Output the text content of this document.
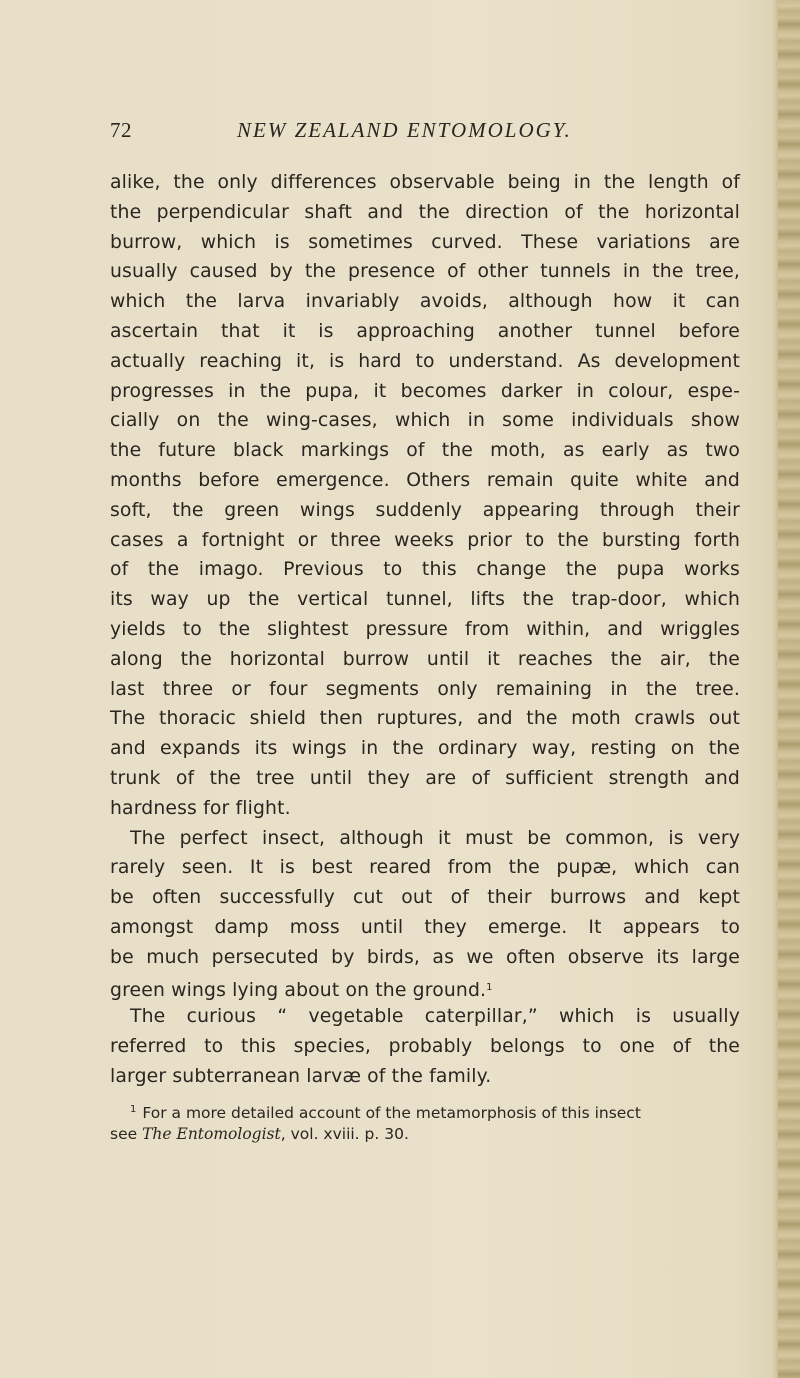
72	NEW ZEALAND ENTOMOLOGY.
alike, the only differences observable being in the length of
the perpendicular shaft and the direction of the horizontal
burrow, which is sometimes curved. These variations are
usually caused by the presence of other tunnels in the tree,
which the larva invariably avoids, although how it can
ascertain that it is approaching another tunnel before
actually reaching it, is hard to understand. As development
progresses in the pupa, it becomes darker in colour, espe-
cially on the wing-cases, which in some individuals show
the future black markings of the moth, as early as two
months before emergence. Others remain quite white and
soft, the green wings suddenly appearing through their
cases a fortnight or three weeks prior to the bursting forth
of the imago. Previous to this change the pupa works
its way up the vertical tunnel, lifts the trap-door, which
yields to the slightest pressure from within, and wriggles
along the horizontal burrow until it reaches the air, the
last three or four segments only remaining in the tree.
The thoracic shield then ruptures, and the moth crawls out
and expands its wings in the ordinary way, resting on the
trunk of the tree until they are of sufficient strength and
hardness for flight.
The perfect insect, although it must be common, is very
rarely seen. It is best reared from the pupæ, which can
be often successfully cut out of their burrows and kept
amongst damp moss until they emerge. It appears to
be much persecuted by birds, as we often observe its large
green wings lying about on the ground.$^1$
The curious “ vegetable caterpillar,” which is usually
referred to this species, probably belongs to one of the
larger subterranean larvæ of the family.
$^1$ For a more detailed account of the metamorphosis of this insect
see The Entomologist, vol. xviii. p. 30.
